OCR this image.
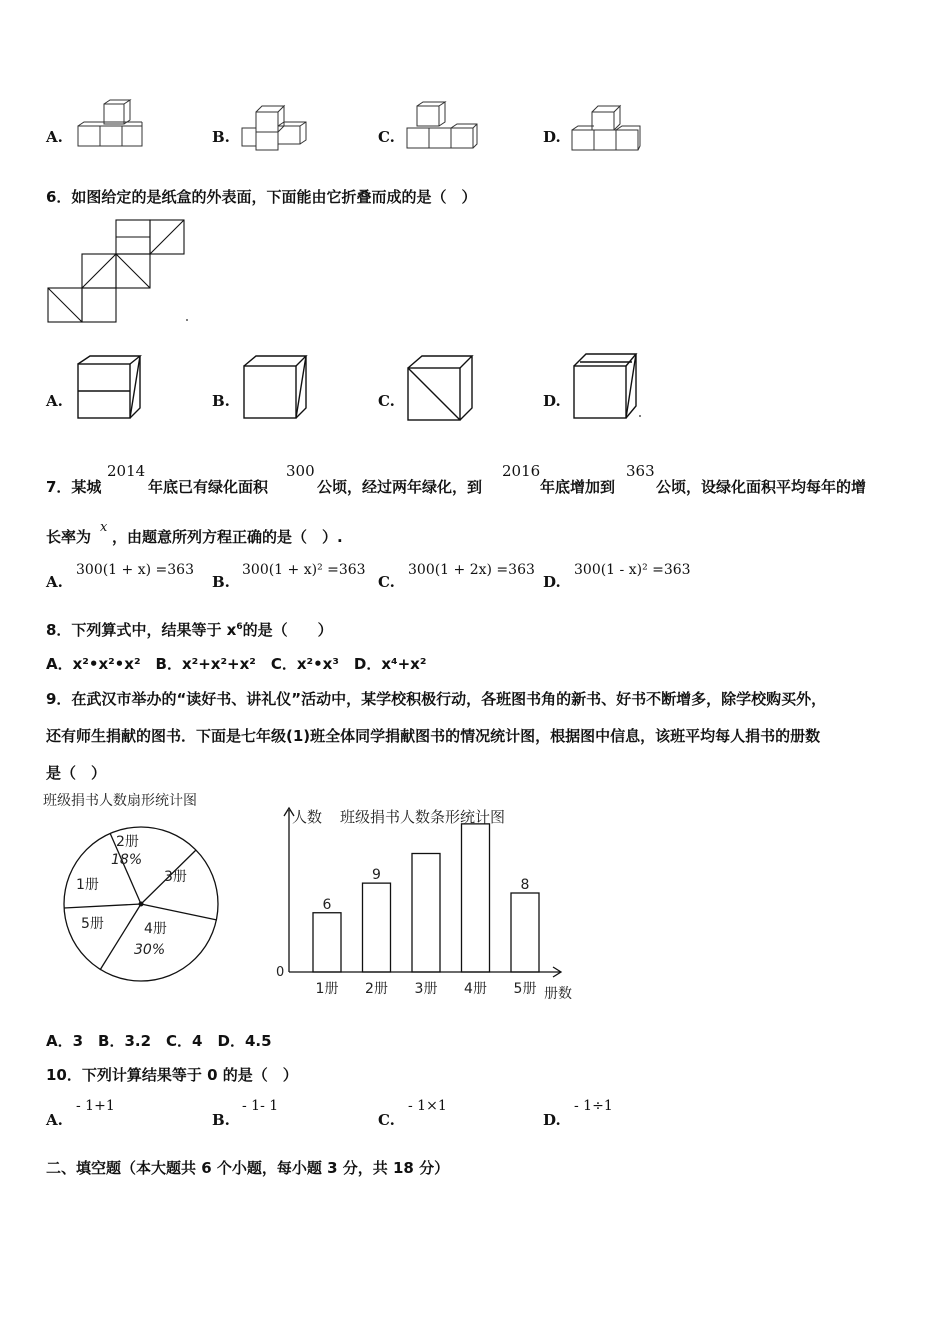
A.	B.	C.	D.
6．如图给定的是纸盒的外表面，下面能由它折叠而成的是（　）
A.	B.	C.	D.
7．某城
2014
年底已有绿化面积
300
公顷，经过两年绿化，到
2016
年底增加到
363
公顷，设绿化面积平均每年的增
长率为
x
，由题意所列方程正确的是（　）.
A.
300(1 + x) =363
B.
300(1 + x)² =363
C.
300(1 + 2x) =363
D.
300(1 - x)² =363
8．下列算式中，结果等于 $x^6$的是（　　）
A．x²•x²•x²　B．x²+x²+x²　C．x²•x³　D．x⁴+x²
9．在武汉市举办的“读好书、讲礼仪”活动中，某学校积极行动，各班图书角的新书、好书不断增多，除学校购买外，
还有师生捐献的图书．下面是七年级(1)班全体同学捐献图书的情况统计图，根据图中信息，该班平均每人捐书的册数
是（　）
班级捐书人数扇形统计图
2册
18%
3册
1册
5册	4册
30%
人数 班级捐书人数条形统计图
0
册数
6
1册
9
2册 3册 4册
8
5册
A．3　B．3.2　C．4　D．4.5
10．下列计算结果等于 0 的是（　）
A.
- 1+1
B.
- 1- 1
C.
- 1×1
D.
- 1÷1
二、填空题（本大题共 6 个小题，每小题 3 分，共 18 分）
